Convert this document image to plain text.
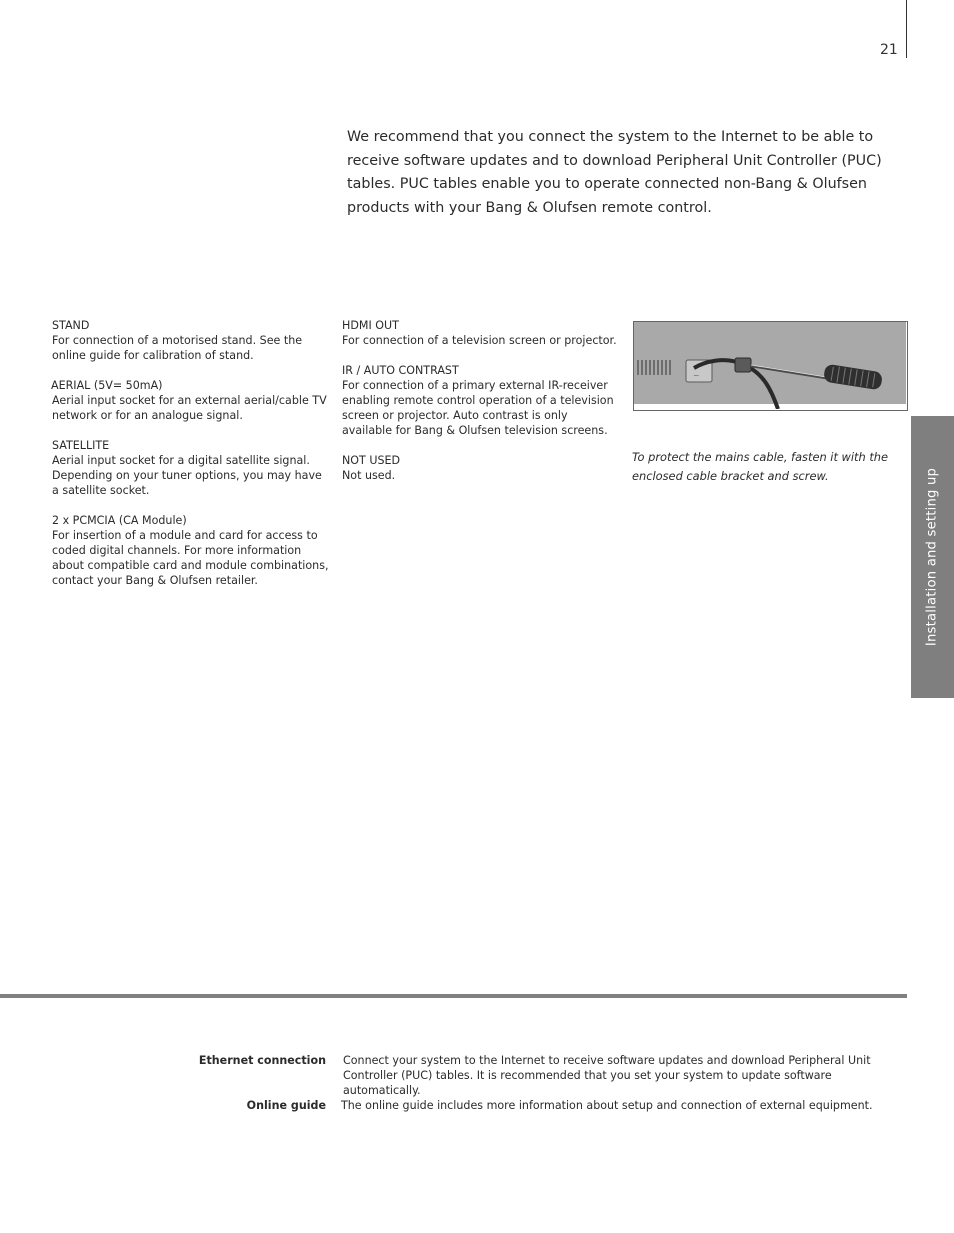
21

We recommend that you connect the system to the Internet to be able to receive software updates and to download Peripheral Unit Controller (PUC) tables. PUC tables enable you to operate connected non-Bang & Olufsen products with your Bang & Olufsen remote control.

STAND
For connection of a motorised stand. See the online guide for calibration of stand.
AERIAL (5V= 50mA)
Aerial input socket for an external aerial/cable TV network or for an analogue signal.
SATELLITE
Aerial input socket for a digital satellite signal. Depending on your tuner options, you may have a satellite socket.
2 x PCMCIA (CA Module)
For insertion of a module and card for access to coded digital channels. For more information about compatible card and module combinations, contact your Bang & Olufsen retailer.
HDMI OUT
For connection of a television screen or projector.
IR / AUTO CONTRAST
For connection of a primary external IR-receiver enabling remote control operation of a television screen or projector. Auto contrast is only available for Bang & Olufsen television screens.
NOT USED
Not used.
~
To protect the mains cable, fasten it with the enclosed cable bracket and screw.	Installation and setting up
Ethernet connection Connect your system to the Internet to receive software updates and download Peripheral Unit Controller (PUC) tables. It is recommended that you set your system to update software automatically.
Online guide The online guide includes more information about setup and connection of external equipment.
